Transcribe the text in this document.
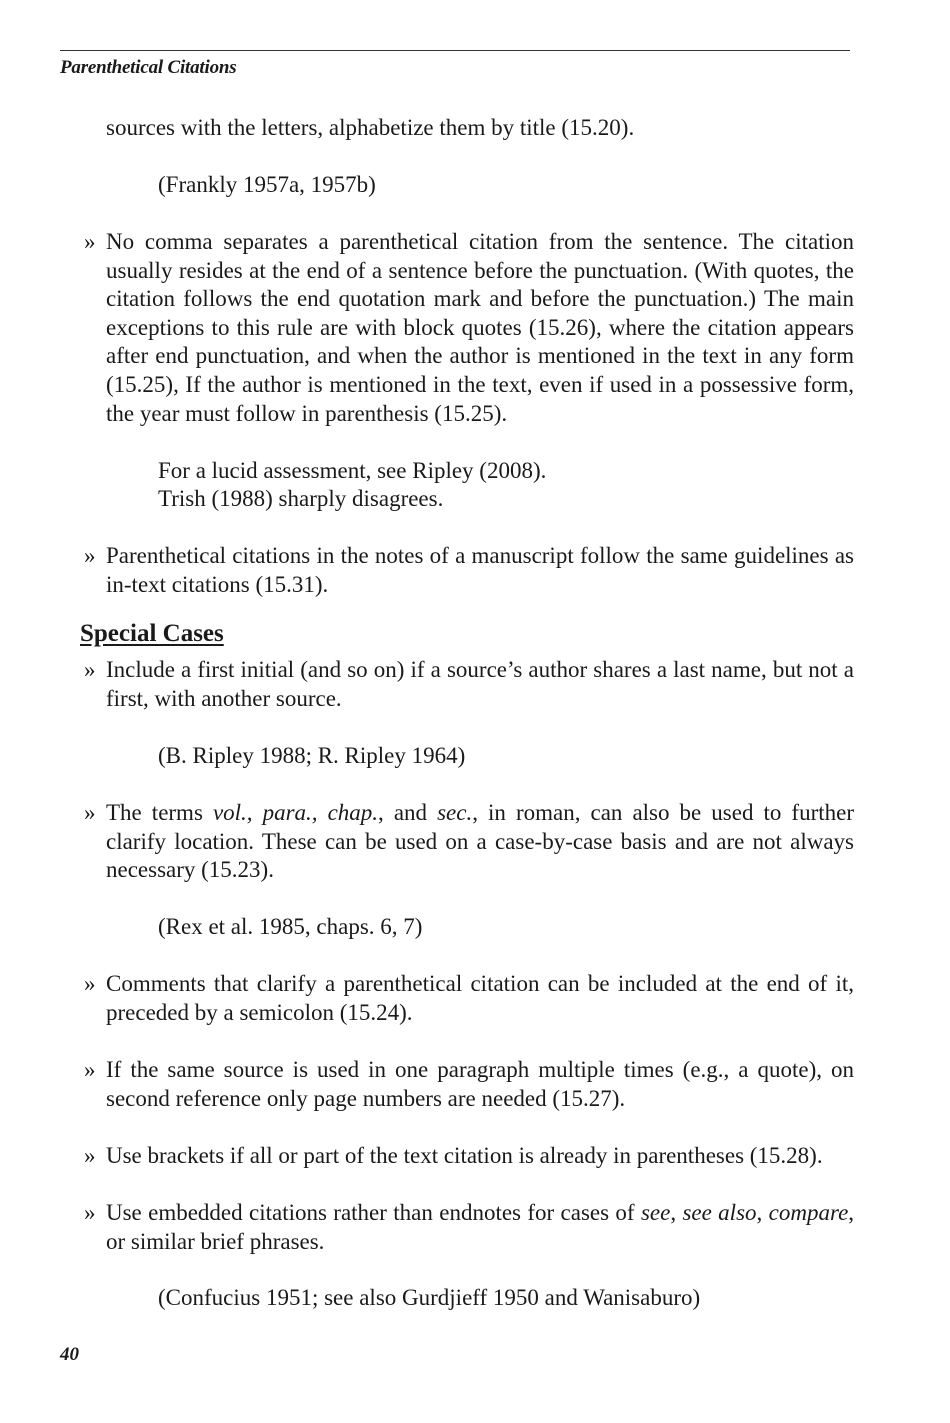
Parenthetical Citations
sources with the letters, alphabetize them by title (15.20).
(Frankly 1957a, 1957b)
» No comma separates a parenthetical citation from the sentence. The citation usually resides at the end of a sentence before the punctuation. (With quotes, the citation follows the end quotation mark and before the punctuation.) The main exceptions to this rule are with block quotes (15.26), where the citation appears after end punctuation, and when the author is mentioned in the text in any form (15.25), If the author is mentioned in the text, even if used in a possessive form, the year must follow in parenthesis (15.25).
For a lucid assessment, see Ripley (2008).
Trish (1988) sharply disagrees.
» Parenthetical citations in the notes of a manuscript follow the same guidelines as in-text citations (15.31).
Special Cases
» Include a first initial (and so on) if a source’s author shares a last name, but not a first, with another source.
(B. Ripley 1988; R. Ripley 1964)
» The terms vol., para., chap., and sec., in roman, can also be used to further clarify location. These can be used on a case-by-case basis and are not always necessary (15.23).
(Rex et al. 1985, chaps. 6, 7)
» Comments that clarify a parenthetical citation can be included at the end of it, preceded by a semicolon (15.24).
» If the same source is used in one paragraph multiple times (e.g., a quote), on second reference only page numbers are needed (15.27).
» Use brackets if all or part of the text citation is already in parentheses (15.28).
» Use embedded citations rather than endnotes for cases of see, see also, compare, or similar brief phrases.
(Confucius 1951; see also Gurdjieff 1950 and Wanisaburo)
40
